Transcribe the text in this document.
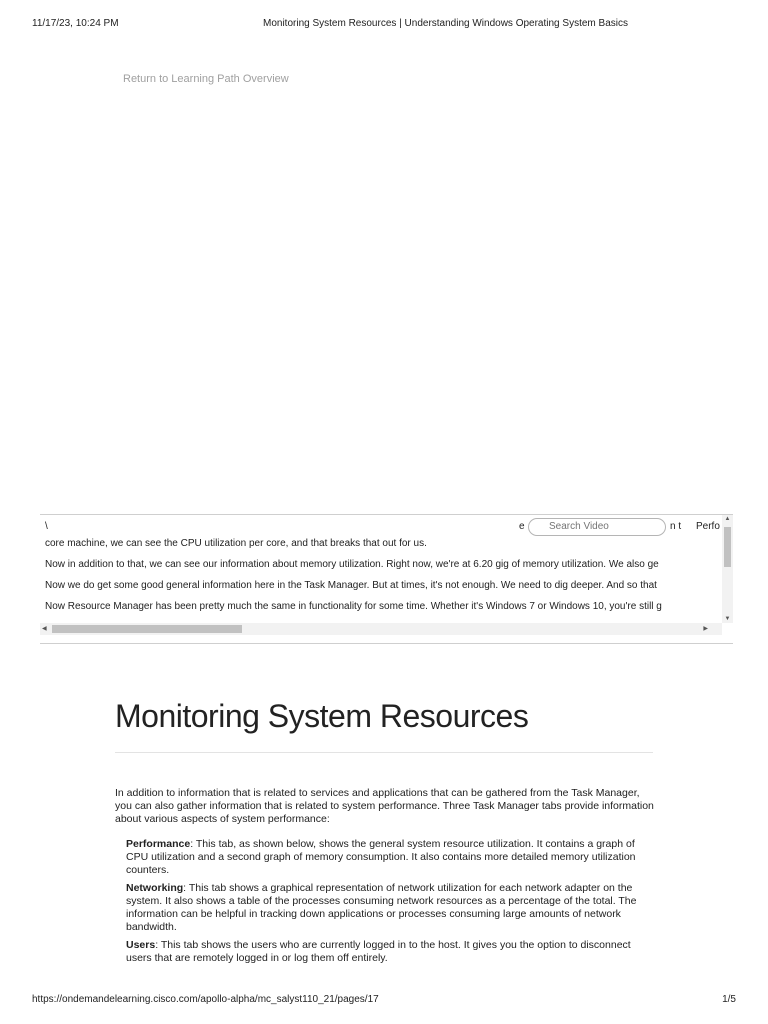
11/17/23, 10:24 PM	Monitoring System Resources | Understanding Windows Operating System Basics
Return to Learning Path Overview
\	e
Search Video	n t Perfo
core machine, we can see the CPU utilization per core, and that breaks that out for us.
Now in addition to that, we can see our information about memory utilization. Right now, we're at 6.20 gig of memory utilization. We also ge
Now we do get some good general information here in the Task Manager. But at times, it's not enough. We need to dig deeper. And so that
Now Resource Manager has been pretty much the same in functionality for some time. Whether it's Windows 7 or Windows 10, you're still g
▲
▼
◀	▶
Monitoring System Resources

In addition to information that is related to services and applications that can be gathered from the Task Manager, you can also gather information that is related to system performance. Three Task Manager tabs provide information about various aspects of system performance:

Performance: This tab, as shown below, shows the general system resource utilization. It contains a graph of CPU utilization and a second graph of memory consumption. It also contains more detailed memory utilization counters.
Networking: This tab shows a graphical representation of network utilization for each network adapter on the system. It also shows a table of the processes consuming network resources as a percentage of the total. The information can be helpful in tracking down applications or processes consuming large amounts of network bandwidth.
Users: This tab shows the users who are currently logged in to the host. It gives you the option to disconnect users that are remotely logged in or log them off entirely.
https://ondemandelearning.cisco.com/apollo-alpha/mc_salyst110_21/pages/17	1/5
